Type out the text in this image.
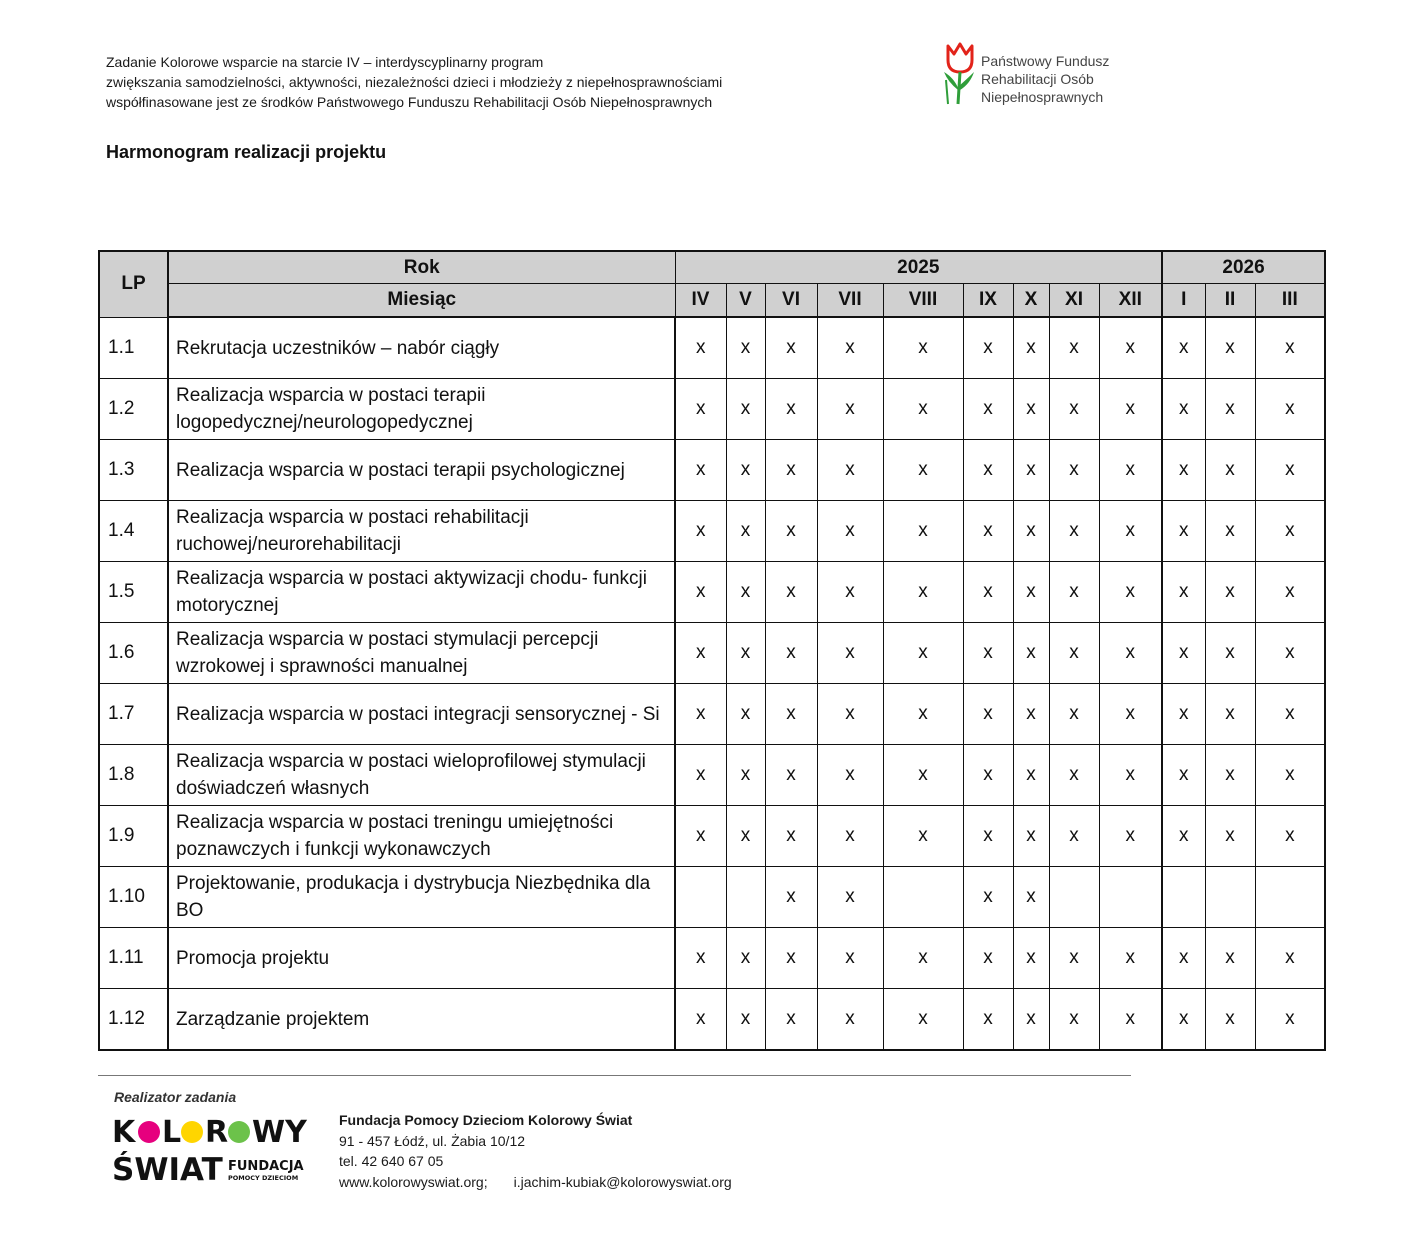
Zadanie Kolorowe wsparcie na starcie IV – interdyscyplinarny program
zwiększania samodzielności, aktywności, niezależności dzieci i młodzieży z niepełnosprawnościami
współfinasowane jest ze środków Państwowego Funduszu Rehabilitacji Osób Niepełnosprawnych
Państwowy Fundusz
Rehabilitacji Osób
Niepełnosprawnych
Harmonogram realizacji projektu
LP	Rok	2025									2026		
	Miesiąc	IV	V	VI	VII	VIII	IX	X	XI	XII	I	II	III
1.1	Rekrutacja uczestników – nabór ciągły	x	x	x	x	x	x	x	x	x	x	x	x
1.2	Realizacja wsparcia w postaci terapii logopedycznej/neurologopedycznej	x	x	x	x	x	x	x	x	x	x	x	x
1.3	Realizacja wsparcia w postaci terapii psychologicznej	x	x	x	x	x	x	x	x	x	x	x	x
1.4	Realizacja wsparcia w postaci rehabilitacji ruchowej/neurorehabilitacji	x	x	x	x	x	x	x	x	x	x	x	x
1.5	Realizacja wsparcia w postaci aktywizacji chodu- funkcji motorycznej	x	x	x	x	x	x	x	x	x	x	x	x
1.6	Realizacja wsparcia w postaci stymulacji percepcji wzrokowej i sprawności manualnej	x	x	x	x	x	x	x	x	x	x	x	x
1.7	Realizacja wsparcia w postaci integracji sensorycznej - Si	x	x	x	x	x	x	x	x	x	x	x	x
1.8	Realizacja wsparcia w postaci wieloprofilowej stymulacji doświadczeń własnych	x	x	x	x	x	x	x	x	x	x	x	x
1.9	Realizacja wsparcia w postaci treningu umiejętności poznawczych i funkcji wykonawczych	x	x	x	x	x	x	x	x	x	x	x	x
1.10	Projektowanie, produkacja i dystrybucja Niezbędnika dla BO			x	x		x	x					
1.11	Promocja projektu	x	x	x	x	x	x	x	x	x	x	x	x
1.12	Zarządzanie projektem	x	x	x	x	x	x	x	x	x	x	x	x
Realizator zadania
K L R WY
ŚWIAT FUNDACJA
POMOCY DZIECIOM
Fundacja Pomocy Dzieciom Kolorowy Świat
91 - 457 Łódź, ul. Żabia 10/12
tel. 42 640 67 05
www.kolorowyswiat.org; i.jachim-kubiak@kolorowyswiat.org
